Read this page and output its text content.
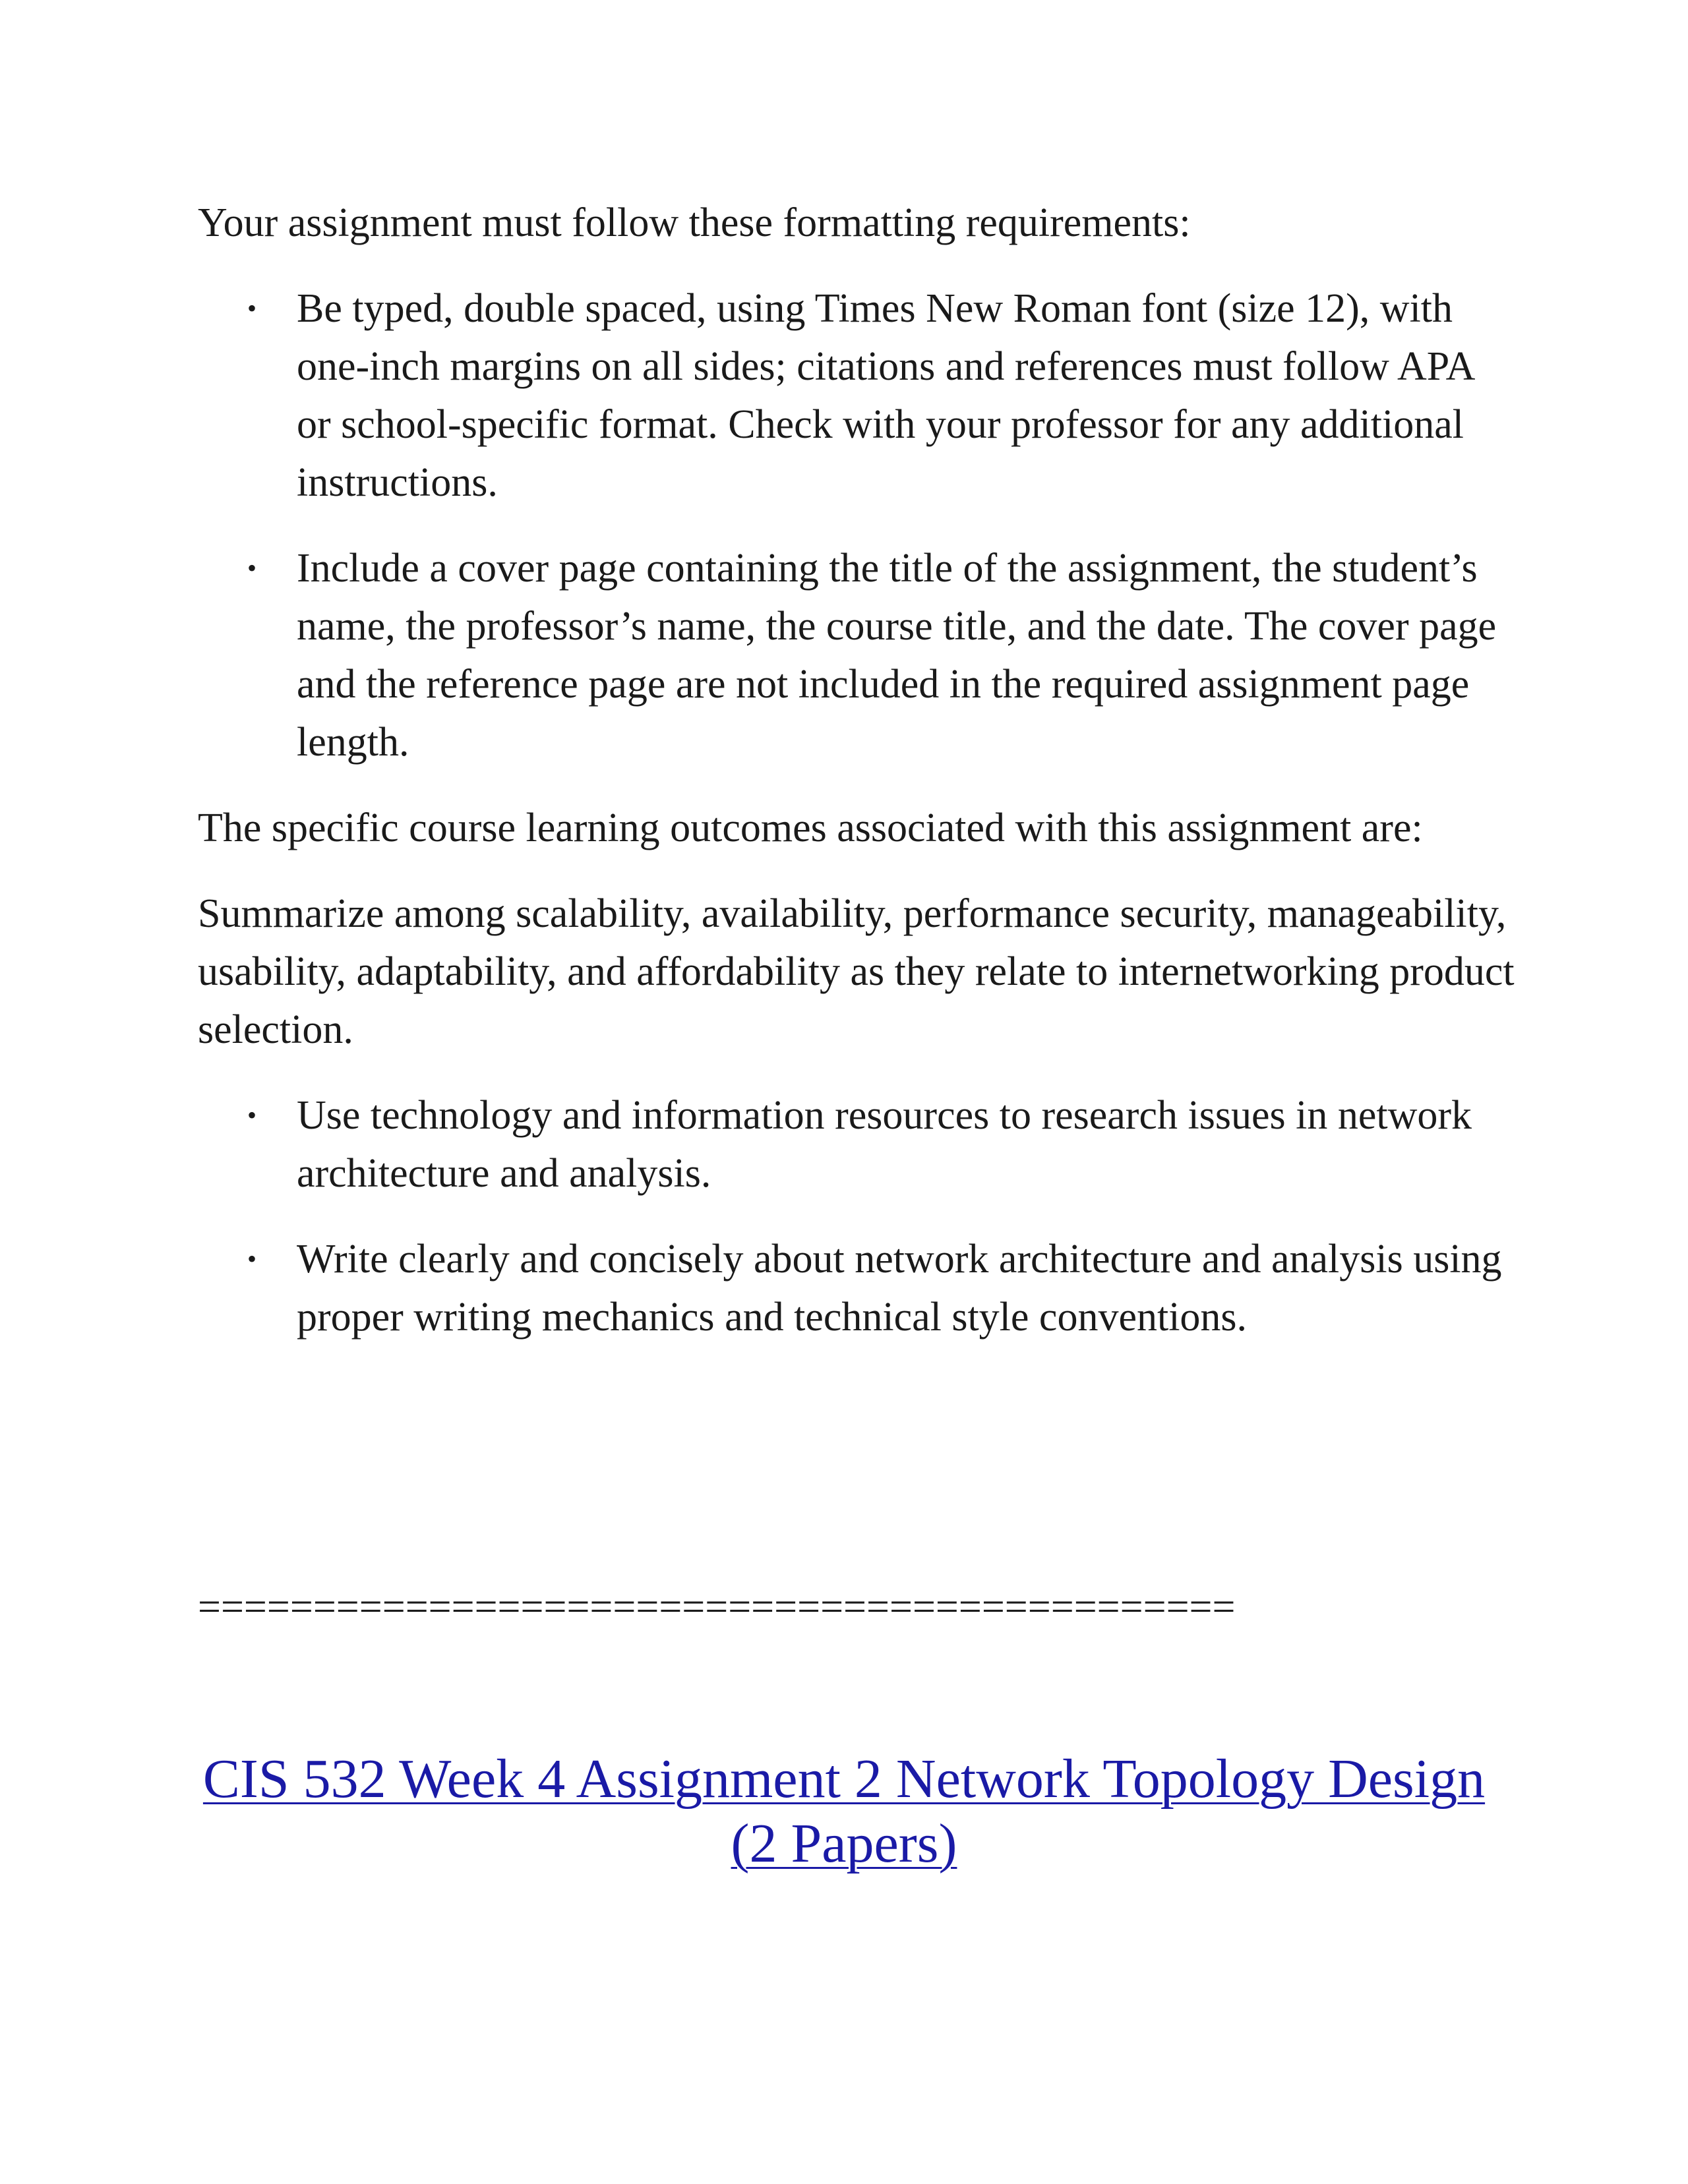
Your assignment must follow these formatting requirements:

• Be typed, double spaced, using Times New Roman font (size 12), with one-inch margins on all sides; citations and references must follow APA or school-specific format. Check with your professor for any additional instructions.
• Include a cover page containing the title of the assignment, the student’s name, the professor’s name, the course title, and the date. The cover page and the reference page are not included in the required assignment page length.

The specific course learning outcomes associated with this assignment are:

Summarize among scalability, availability, performance security, manageability, usability, adaptability, and affordability as they relate to internetworking product selection.

• Use technology and information resources to research issues in network architecture and analysis.
• Write clearly and concisely about network architecture and analysis using proper writing mechanics and technical style conventions.
=============================================
CIS 532 Week 4 Assignment 2 Network Topology Design
(2 Papers)
